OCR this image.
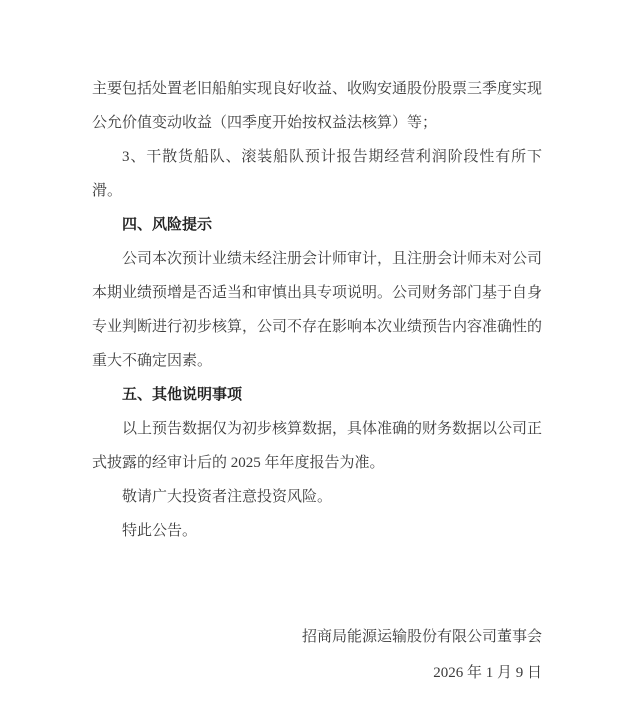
主要包括处置老旧船舶实现良好收益、收购安通股份股票三季度实现公允价值变动收益（四季度开始按权益法核算）等；

3、干散货船队、滚装船队预计报告期经营利润阶段性有所下滑。

四、风险提示

公司本次预计业绩未经注册会计师审计，且注册会计师未对公司本期业绩预增是否适当和审慎出具专项说明。公司财务部门基于自身专业判断进行初步核算，公司不存在影响本次业绩预告内容准确性的重大不确定因素。

五、其他说明事项

以上预告数据仅为初步核算数据，具体准确的财务数据以公司正式披露的经审计后的 2025 年年度报告为准。

敬请广大投资者注意投资风险。

特此公告。

招商局能源运输股份有限公司董事会

2026 年 1 月 9 日
